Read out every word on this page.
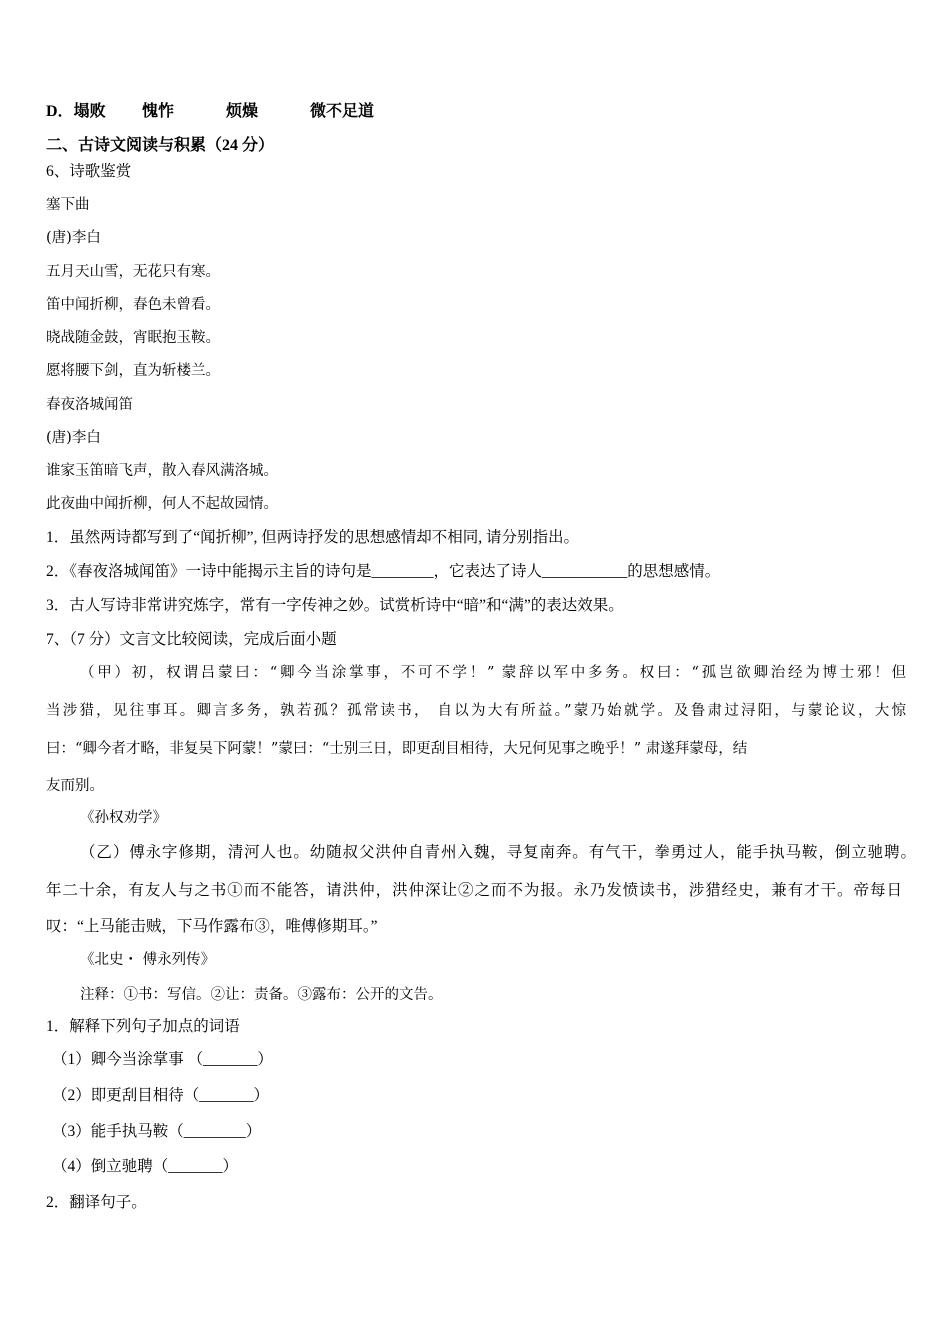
D．塌败 愧怍	烦燥	微不足道
二、古诗文阅读与积累（24 分）
6、诗歌鉴赏
塞下曲
(唐)李白
五月天山雪，无花只有寒。
笛中闻折柳，春色未曾看。
晓战随金鼓，宵眠抱玉鞍。
愿将腰下剑，直为斩楼兰。
春夜洛城闻笛
(唐)李白
谁家玉笛暗飞声，散入春风满洛城。
此夜曲中闻折柳，何人不起故园情。
1．虽然两诗都写到了“闻折柳”, 但两诗抒发的思想感情却不相同, 请分别指出。
2．《春夜洛城闻笛》一诗中能揭示主旨的诗句是________，它表达了诗人___________的思想感情。
3．古人写诗非常讲究炼字，常有一字传神之妙。试赏析诗中“暗”和“满”的表达效果。
7、（7 分）文言文比较阅读，完成后面小题
（甲）初，权谓吕蒙曰：“卿今当涂掌事，不可不学！” 蒙辞以军中多务。权曰：“孤岂欲卿治经为博士邪！但
当涉猎，见往事耳。卿言多务，孰若孤？孤常读书， 自以为大有所益。”蒙乃始就学。及鲁肃过浔阳，与蒙论议，大惊
曰：“卿今者才略，非复吴下阿蒙！”蒙曰：“士别三日，即更刮目相待，大兄何见事之晚乎！” 肃遂拜蒙母，结
友而别。
《孙权劝学》
（乙）傅永字修期，清河人也。幼随叔父洪仲自青州入魏，寻复南奔。有气干，拳勇过人，能手执马鞍，倒立驰聘。
年二十余，有友人与之书①而不能答，请洪仲，洪仲深让②之而不为报。永乃发愤读书，涉猎经史，兼有才干。帝每日
叹：“上马能击贼，下马作露布③，唯傅修期耳。”
《北史・ 傅永列传》
注释：①书：写信。②让：责备。③露布：公开的文告。
1．解释下列句子加点的词语
（1）卿今当涂掌事 （_______）
（2）即更刮目相待（_______）
（3）能手执马鞍（________）
（4）倒立驰聘（_______）
2．翻译句子。
